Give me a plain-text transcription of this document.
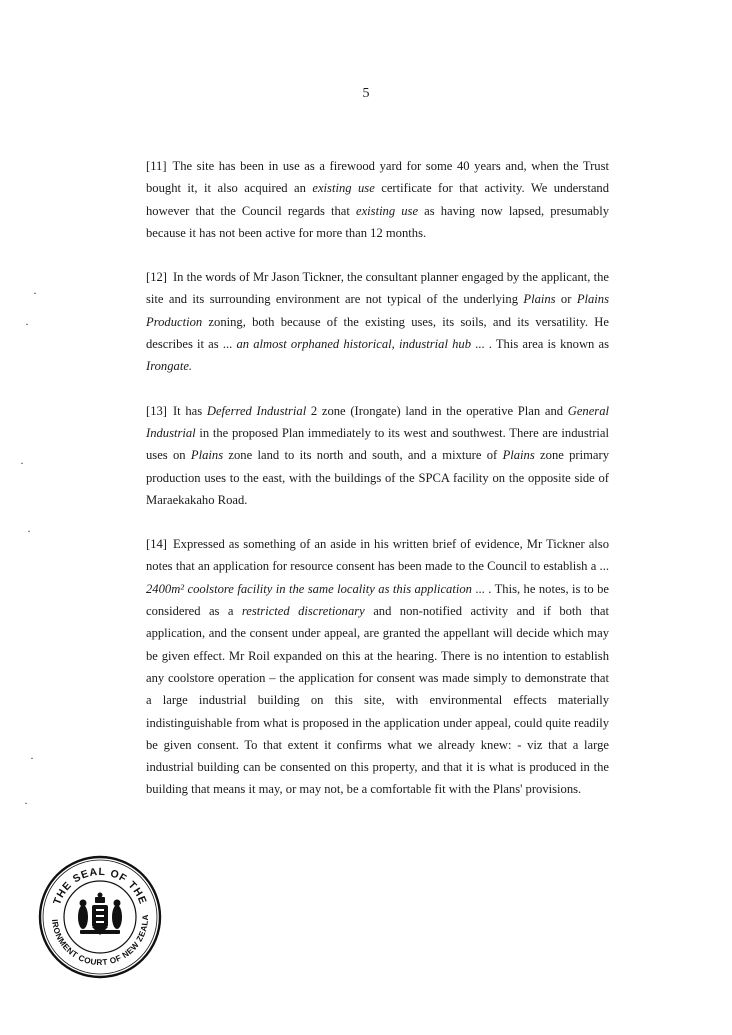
5

[11] The site has been in use as a firewood yard for some 40 years and, when the Trust bought it, it also acquired an existing use certificate for that activity. We understand however that the Council regards that existing use as having now lapsed, presumably because it has not been active for more than 12 months.

[12] In the words of Mr Jason Tickner, the consultant planner engaged by the applicant, the site and its surrounding environment are not typical of the underlying Plains or Plains Production zoning, both because of the existing uses, its soils, and its versatility. He describes it as ... an almost orphaned historical, industrial hub ... . This area is known as Irongate.

[13] It has Deferred Industrial 2 zone (Irongate) land in the operative Plan and General Industrial in the proposed Plan immediately to its west and southwest. There are industrial uses on Plains zone land to its north and south, and a mixture of Plains zone primary production uses to the east, with the buildings of the SPCA facility on the opposite side of Maraekakaho Road.

[14] Expressed as something of an aside in his written brief of evidence, Mr Tickner also notes that an application for resource consent has been made to the Council to establish a ... 2400m² coolstore facility in the same locality as this application ... . This, he notes, is to be considered as a restricted discretionary and non-notified activity and if both that application, and the consent under appeal, are granted the appellant will decide which may be given effect. Mr Roil expanded on this at the hearing. There is no intention to establish any coolstore operation – the application for consent was made simply to demonstrate that a large industrial building on this site, with environmental effects materially indistinguishable from what is proposed in the application under appeal, could quite readily be given consent. To that extent it confirms what we already knew: - viz that a large industrial building can be consented on this property, and that it is what is produced in the building that means it may, or may not, be a comfortable fit with the Plans' provisions.

·
·
·
·
·
·
THE SEAL OF THE
IRONMENT COURT OF NEW ZEALA
